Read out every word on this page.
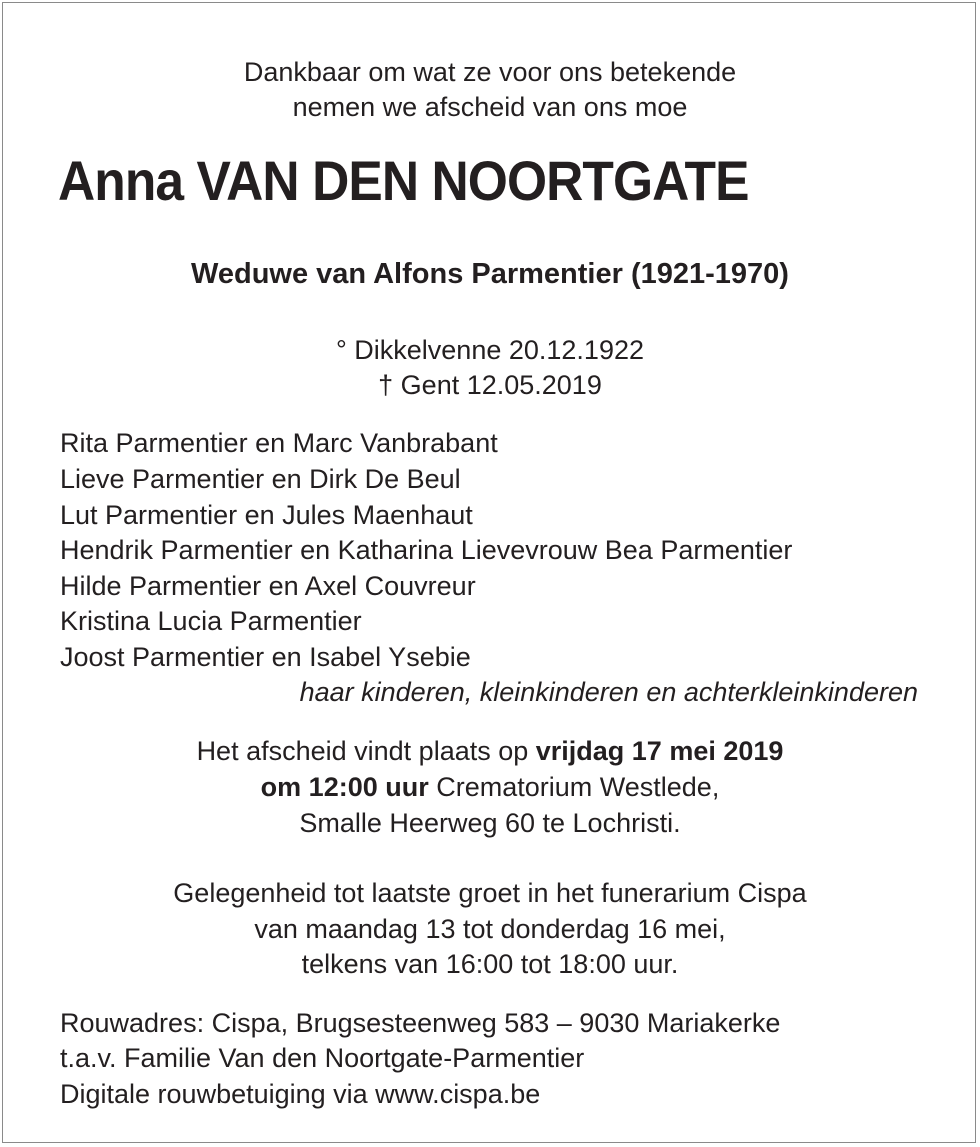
Dankbaar om wat ze voor ons betekende
nemen we afscheid van ons moe
Anna VAN DEN NOORTGATE
Weduwe van Alfons Parmentier (1921-1970)
° Dikkelvenne 20.12.1922
† Gent 12.05.2019
Rita Parmentier en Marc Vanbrabant
Lieve Parmentier en Dirk De Beul
Lut Parmentier en Jules Maenhaut
Hendrik Parmentier en Katharina Lievevrouw Bea Parmentier
Hilde Parmentier en Axel Couvreur
Kristina Lucia Parmentier
Joost Parmentier en Isabel Ysebie
haar kinderen, kleinkinderen en achterkleinkinderen
Het afscheid vindt plaats op vrijdag 17 mei 2019
om 12:00 uur Crematorium Westlede,
Smalle Heerweg 60 te Lochristi.
Gelegenheid tot laatste groet in het funerarium Cispa
van maandag 13 tot donderdag 16 mei,
telkens van 16:00 tot 18:00 uur.
Rouwadres: Cispa, Brugsesteenweg 583 – 9030 Mariakerke
t.a.v. Familie Van den Noortgate-Parmentier
Digitale rouwbetuiging via www.cispa.be
